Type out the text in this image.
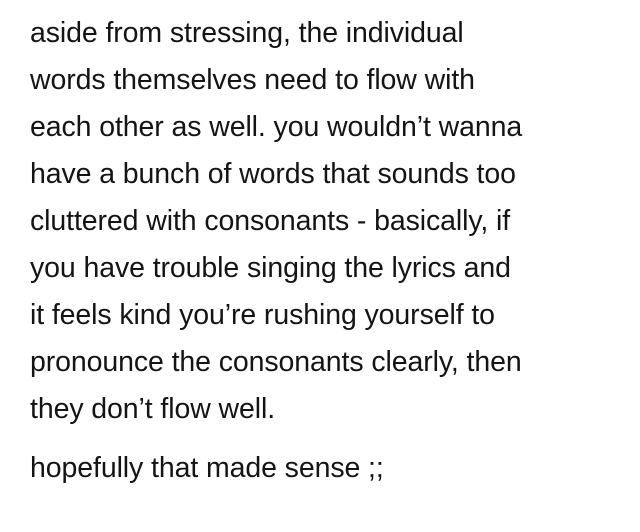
aside from stressing, the individual
words themselves need to flow with
each other as well. you wouldn’t wanna
have a bunch of words that sounds too
cluttered with consonants - basically, if
you have trouble singing the lyrics and
it feels kind you’re rushing yourself to
pronounce the consonants clearly, then
they don’t flow well.

hopefully that made sense ;;
